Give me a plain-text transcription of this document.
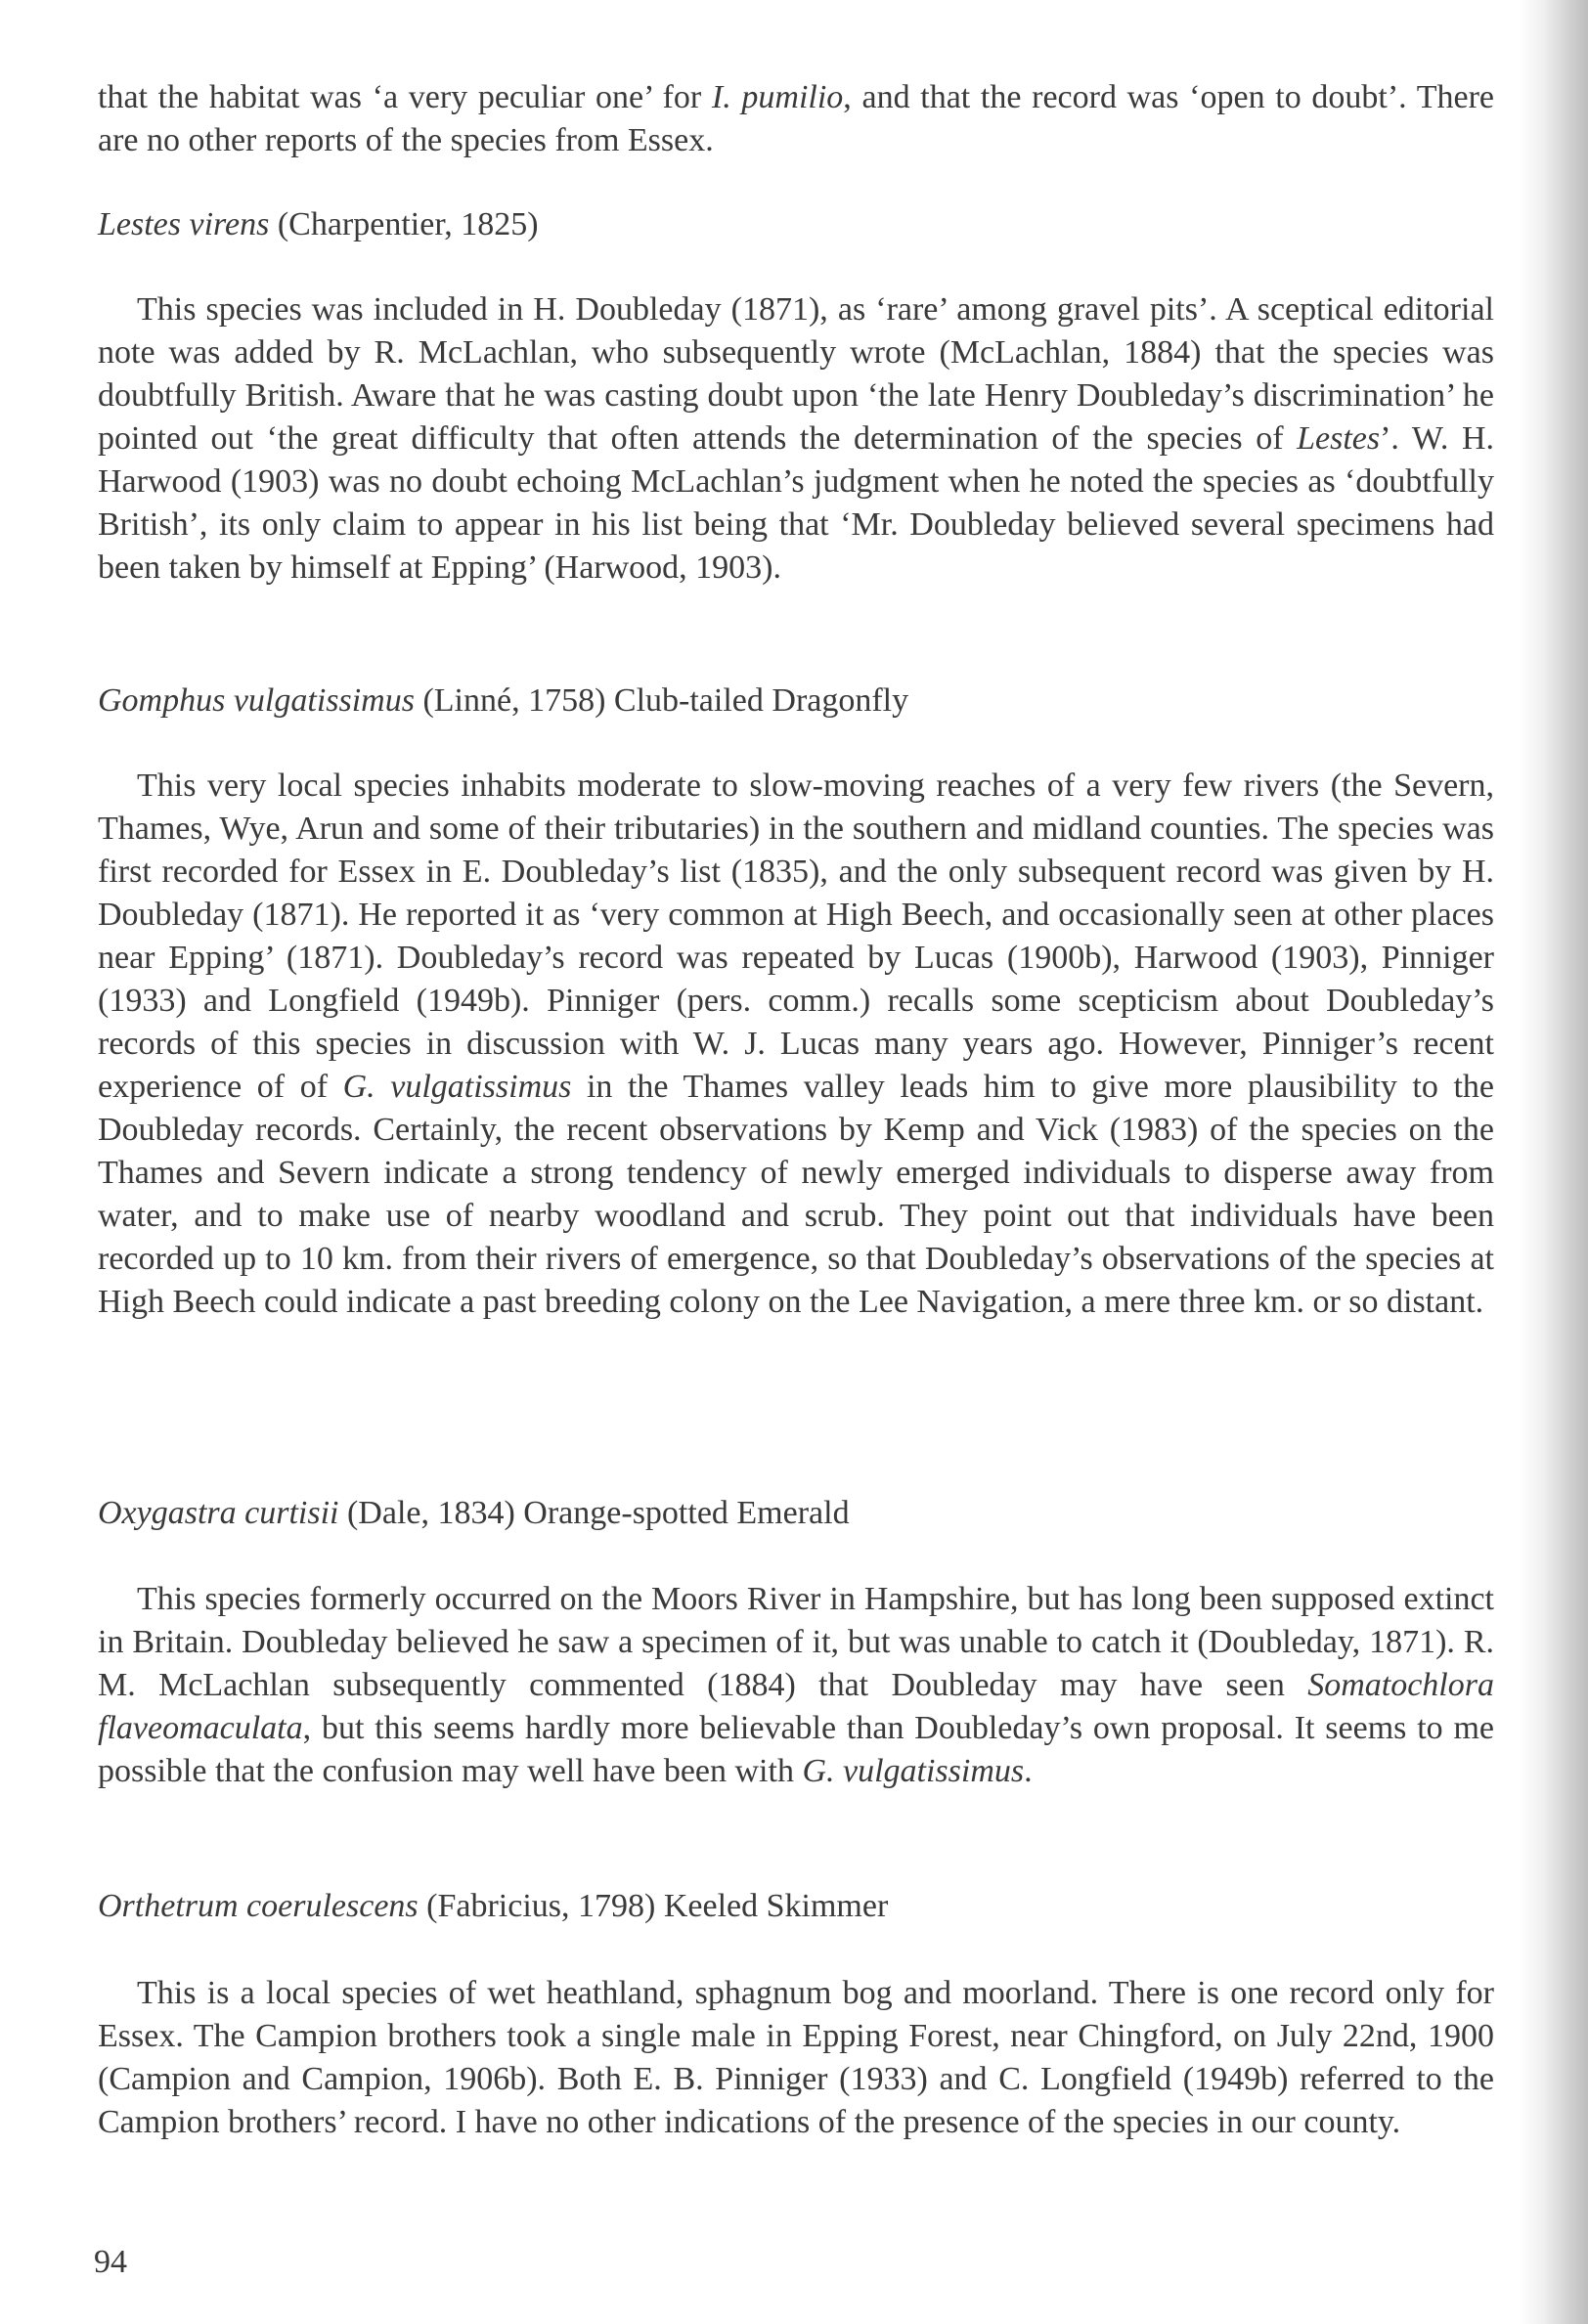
that the habitat was ‘a very peculiar one’ for I. pumilio, and that the record was ‘open to doubt’. There are no other reports of the species from Essex.

Lestes virens (Charpentier, 1825)

This species was included in H. Doubleday (1871), as ‘rare’ among gravel pits’. A sceptical editorial note was added by R. McLachlan, who subsequently wrote (McLachlan, 1884) that the species was doubtfully British. Aware that he was casting doubt upon ‘the late Henry Doubleday’s discrimination’ he pointed out ‘the great difficulty that often attends the determination of the species of Lestes’. W. H. Harwood (1903) was no doubt echoing McLachlan’s judgment when he noted the species as ‘doubtfully British’, its only claim to appear in his list being that ‘Mr. Doubleday believed several specimens had been taken by himself at Epping’ (Harwood, 1903).

Gomphus vulgatissimus (Linné, 1758) Club-tailed Dragonfly

This very local species inhabits moderate to slow-moving reaches of a very few rivers (the Severn, Thames, Wye, Arun and some of their tributaries) in the southern and midland counties. The species was first recorded for Essex in E. Doubleday’s list (1835), and the only subsequent record was given by H. Doubleday (1871). He reported it as ‘very common at High Beech, and occasionally seen at other places near Epping’ (1871). Doubleday’s record was repeated by Lucas (1900b), Harwood (1903), Pinniger (1933) and Longfield (1949b). Pinniger (pers. comm.) recalls some scepticism about Doubleday’s records of this species in discussion with W. J. Lucas many years ago. However, Pinniger’s recent experience of of G. vulgatissimus in the Thames valley leads him to give more plausibility to the Doubleday records. Certainly, the recent observations by Kemp and Vick (1983) of the species on the Thames and Severn indicate a strong tendency of newly emerged individuals to disperse away from water, and to make use of nearby woodland and scrub. They point out that individuals have been recorded up to 10 km. from their rivers of emergence, so that Doubleday’s observations of the species at High Beech could indicate a past breeding colony on the Lee Navigation, a mere three km. or so distant.

Oxygastra curtisii (Dale, 1834) Orange-spotted Emerald

This species formerly occurred on the Moors River in Hampshire, but has long been supposed extinct in Britain. Doubleday believed he saw a specimen of it, but was unable to catch it (Doubleday, 1871). R. M. McLachlan subsequently commented (1884) that Doubleday may have seen Somatochlora flaveomaculata, but this seems hardly more believable than Doubleday’s own proposal. It seems to me possible that the confusion may well have been with G. vulgatissimus.

Orthetrum coerulescens (Fabricius, 1798) Keeled Skimmer

This is a local species of wet heathland, sphagnum bog and moorland. There is one record only for Essex. The Campion brothers took a single male in Epping Forest, near Chingford, on July 22nd, 1900 (Campion and Campion, 1906b). Both E. B. Pinniger (1933) and C. Longfield (1949b) referred to the Campion brothers’ record. I have no other indications of the presence of the species in our county.

94
